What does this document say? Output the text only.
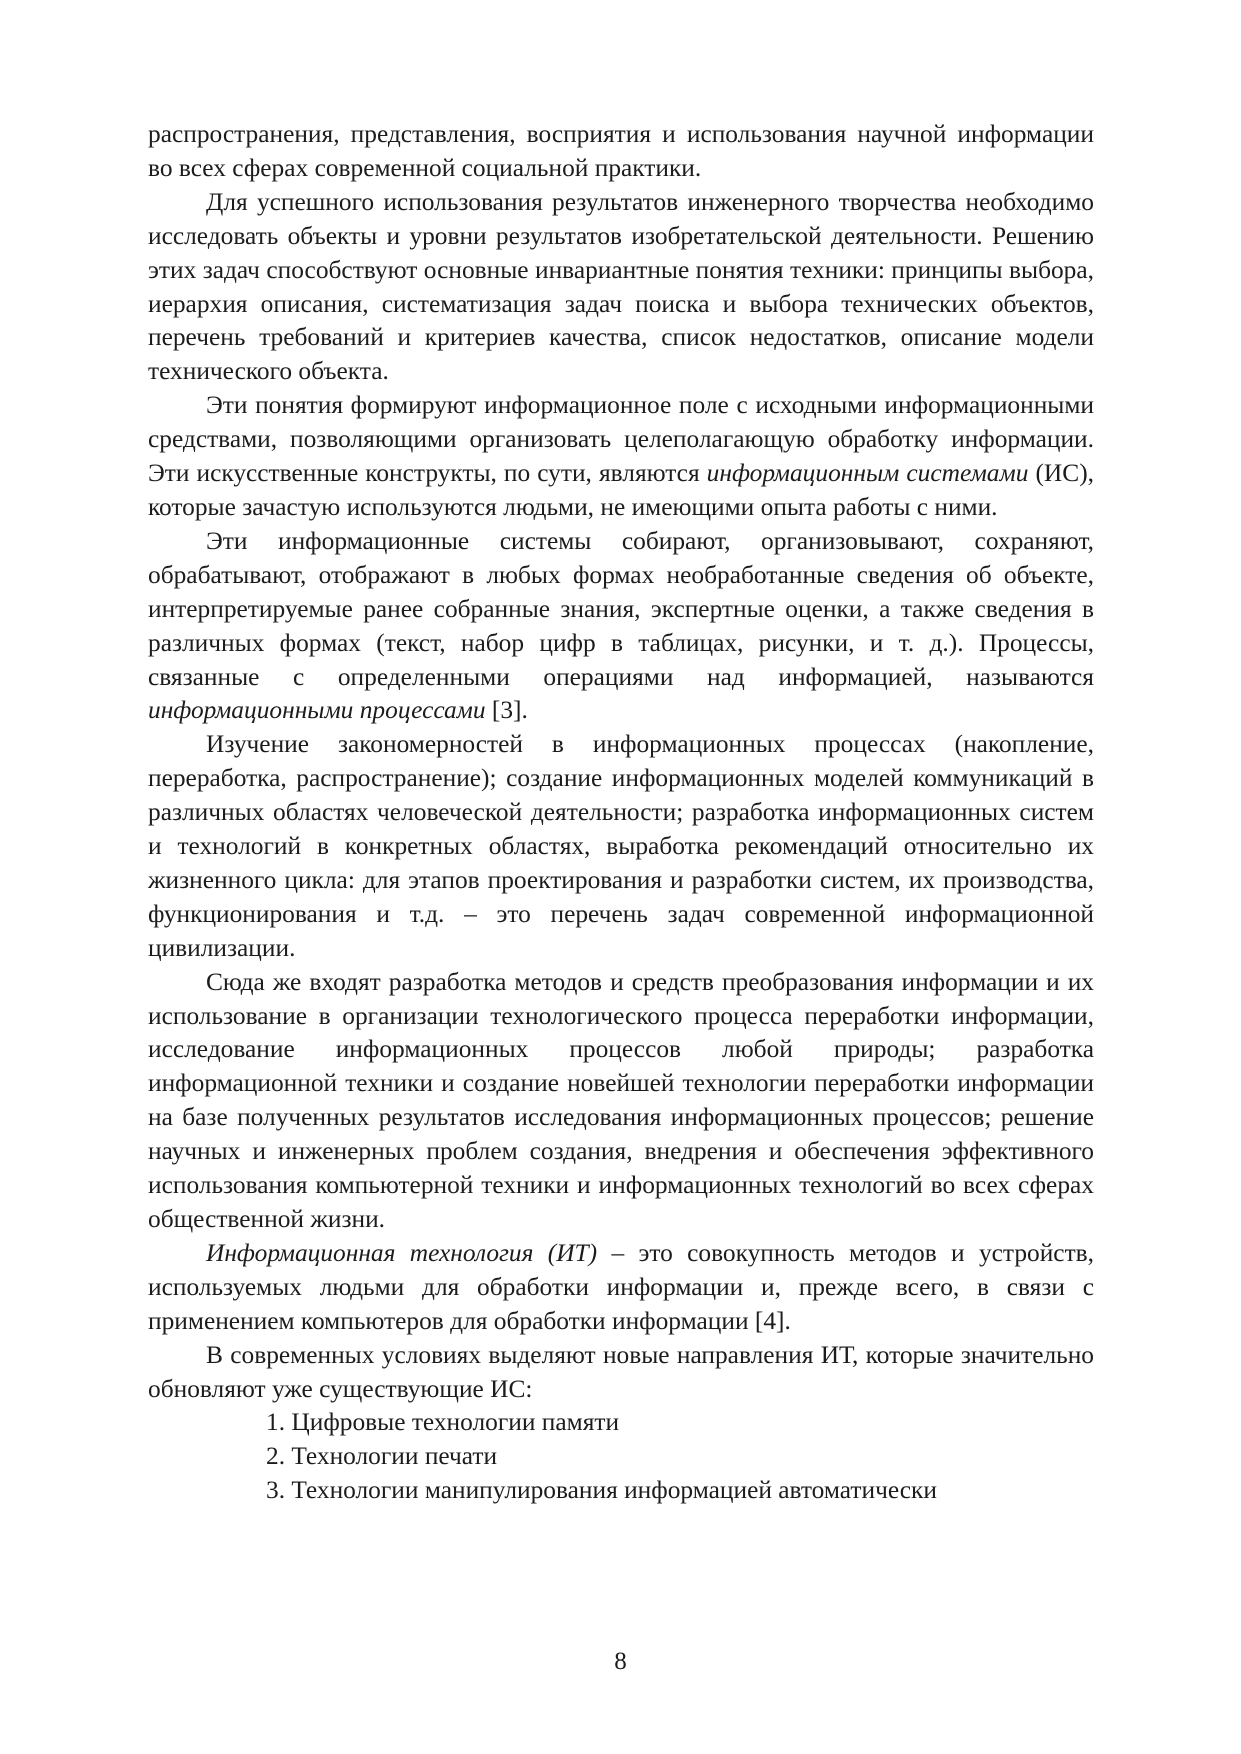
распространения, представления, восприятия и использования научной информации во всех сферах современной социальной практики.

Для успешного использования результатов инженерного творчества необходимо исследовать объекты и уровни результатов изобретательской деятельности. Решению этих задач способствуют основные инвариантные понятия техники: принципы выбора, иерархия описания, систематизация задач поиска и выбора технических объектов, перечень требований и критериев качества, список недостатков, описание модели технического объекта.

Эти понятия формируют информационное поле с исходными информационными средствами, позволяющими организовать целеполагающую обработку информации. Эти искусственные конструкты, по сути, являются информационным системами (ИС), которые зачастую используются людьми, не имеющими опыта работы с ними.

Эти информационные системы собирают, организовывают, сохраняют, обрабатывают, отображают в любых формах необработанные сведения об объекте, интерпретируемые ранее собранные знания, экспертные оценки, а также сведения в различных формах (текст, набор цифр в таблицах, рисунки, и т. д.). Процессы, связанные с определенными операциями над информацией, называются информационными процессами [3].

Изучение закономерностей в информационных процессах (накопление, переработка, распространение); создание информационных моделей коммуникаций в различных областях человеческой деятельности; разработка информационных систем и технологий в конкретных областях, выработка рекомендаций относительно их жизненного цикла: для этапов проектирования и разработки систем, их производства, функционирования и т.д. – это перечень задач современной информационной цивилизации.

Сюда же входят разработка методов и средств преобразования информации и их использование в организации технологического процесса переработки информации, исследование информационных процессов любой природы; разработка информационной техники и создание новейшей технологии переработки информации на базе полученных результатов исследования информационных процессов; решение научных и инженерных проблем создания, внедрения и обеспечения эффективного использования компьютерной техники и информационных технологий во всех сферах общественной жизни.

Информационная технология (ИТ) – это совокупность методов и устройств, используемых людьми для обработки информации и, прежде всего, в связи с применением компьютеров для обработки информации [4].

В современных условиях выделяют новые направления ИТ, которые значительно обновляют уже существующие ИС:

1. Цифровые технологии памяти

2. Технологии печати

3. Технологии манипулирования информацией автоматически

8
